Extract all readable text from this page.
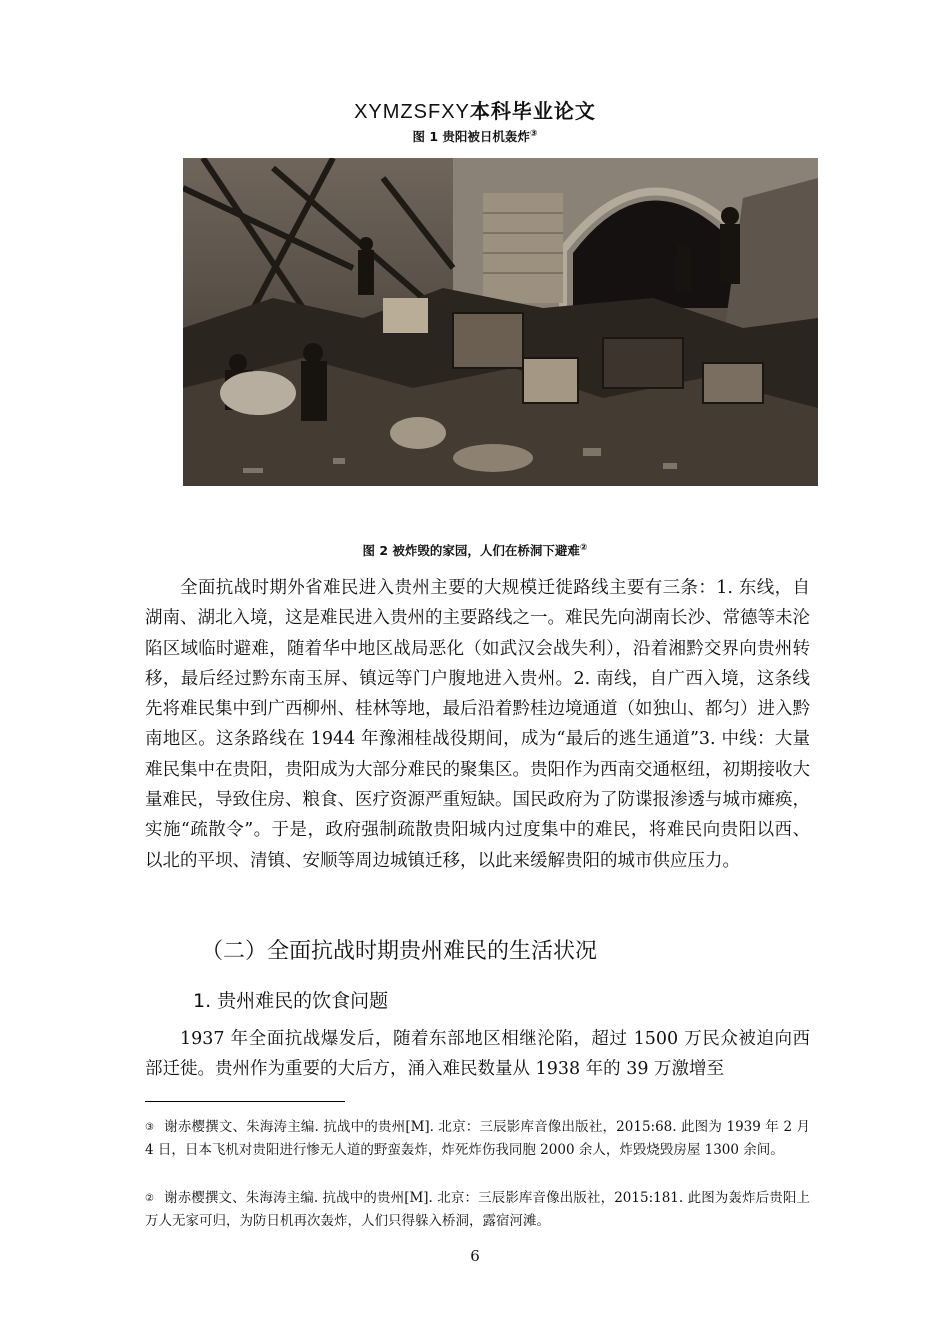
XYMZSFXY本科毕业论文
图 1 贵阳被日机轰炸③
图 2 被炸毁的家园，人们在桥洞下避难②

全面抗战时期外省难民进入贵州主要的大规模迁徙路线主要有三条：1. 东线，自湖南、湖北入境，这是难民进入贵州的主要路线之一。难民先向湖南长沙、常德等未沦陷区域临时避难，随着华中地区战局恶化（如武汉会战失利），沿着湘黔交界向贵州转移，最后经过黔东南玉屏、镇远等门户腹地进入贵州。2. 南线，自广西入境，这条线先将难民集中到广西柳州、桂林等地，最后沿着黔桂边境通道（如独山、都匀）进入黔南地区。这条路线在 1944 年豫湘桂战役期间，成为“最后的逃生通道”3. 中线：大量难民集中在贵阳，贵阳成为大部分难民的聚集区。贵阳作为西南交通枢纽，初期接收大量难民，导致住房、粮食、医疗资源严重短缺。国民政府为了防谍报渗透与城市瘫痪，实施“疏散令”。于是，政府强制疏散贵阳城内过度集中的难民，将难民向贵阳以西、以北的平坝、清镇、安顺等周边城镇迁移，以此来缓解贵阳的城市供应压力。

（二）全面抗战时期贵州难民的生活状况
1. 贵州难民的饮食问题

1937 年全面抗战爆发后，随着东部地区相继沦陷，超过 1500 万民众被迫向西部迁徙。贵州作为重要的大后方，涌入难民数量从 1938 年的 39 万激增至

③ 谢赤樱撰文、朱海涛主编. 抗战中的贵州[M]. 北京：三辰影库音像出版社，2015:68. 此图为 1939 年 2 月 4 日，日本飞机对贵阳进行惨无人道的野蛮轰炸，炸死炸伤我同胞 2000 余人，炸毁烧毁房屋 1300 余间。

② 谢赤樱撰文、朱海涛主编. 抗战中的贵州[M]. 北京：三辰影库音像出版社，2015:181. 此图为轰炸后贵阳上万人无家可归，为防日机再次轰炸，人们只得躲入桥洞，露宿河滩。

6
